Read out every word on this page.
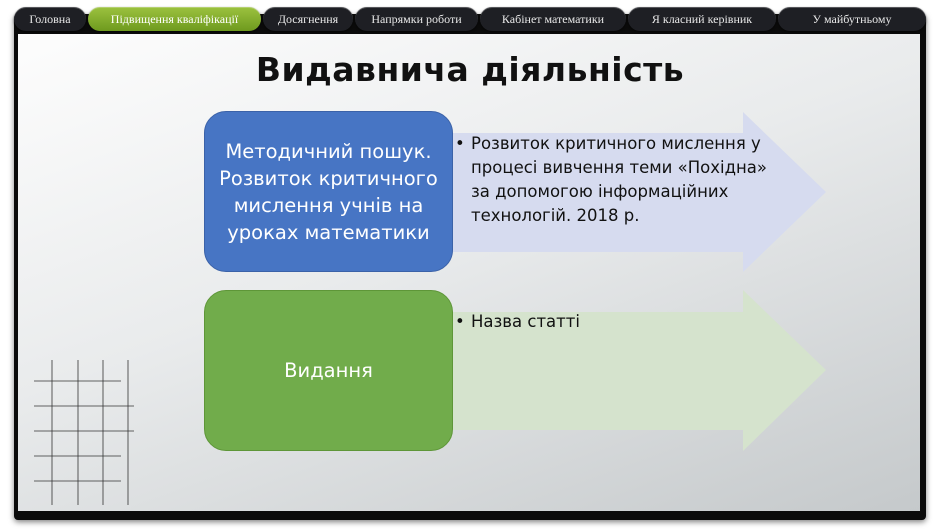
Головна	Підвищення кваліфікації	Досягнення	Напрямки роботи	Кабінет математики	Я класний керівник	У майбутньому
Видавнича діяльність
Методичний пошук. Розвиток критичного мислення учнів на уроках математики
Видання
• Розвиток критичного мислення у процесі вивчення теми «Похідна» за допомогою інформаційних технологій. 2018 р.
• Назва статті
